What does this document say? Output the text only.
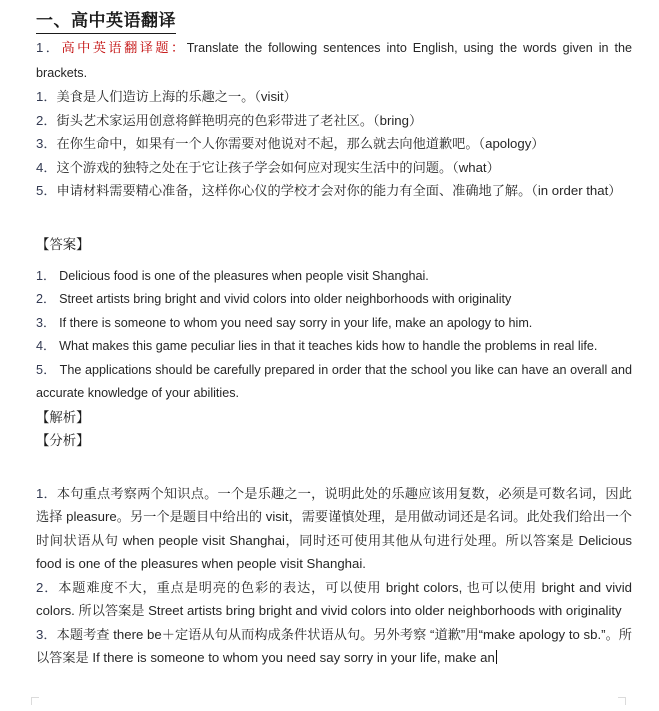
一、高中英语翻译

1．高中英语翻译题：Translate the following sentences into English, using the words given in the brackets.

1．美食是人们造访上海的乐趣之一。（visit）

2．街头艺术家运用创意将鲜艳明亮的色彩带进了老社区。（bring）

3．在你生命中，如果有一个人你需要对他说对不起，那么就去向他道歉吧。（apology）

4．这个游戏的独特之处在于它让孩子学会如何应对现实生活中的问题。（what）

5．申请材料需要精心准备，这样你心仪的学校才会对你的能力有全面、准确地了解。（in order that）

【答案】

1． Delicious food is one of the pleasures when people visit Shanghai.

2． Street artists bring bright and vivid colors into older neighborhoods with originality

3． If there is someone to whom you need say sorry in your life, make an apology to him.

4． What makes this game peculiar lies in that it teaches kids how to handle the problems in real life.

5． The applications should be carefully prepared in order that the school you like can have an overall and accurate knowledge of your abilities.

【解析】

【分析】

1．本句重点考察两个知识点。一个是乐趣之一，说明此处的乐趣应该用复数，必须是可数名词，因此选择 pleasure。另一个是题目中给出的 visit，需要谨慎处理，是用做动词还是名词。此处我们给出一个时间状语从句 when people visit Shanghai，同时还可使用其他从句进行处理。所以答案是 Delicious food is one of the pleasures when people visit Shanghai.

2．本题难度不大，重点是明亮的色彩的表达，可以使用 bright colors, 也可以使用 bright and vivid colors. 所以答案是 Street artists bring bright and vivid colors into older neighborhoods with originality

3．本题考查 there be＋定语从句从而构成条件状语从句。另外考察 “道歉”用“make apology to sb.”。所以答案是 If there is someone to whom you need say sorry in your life, make an
